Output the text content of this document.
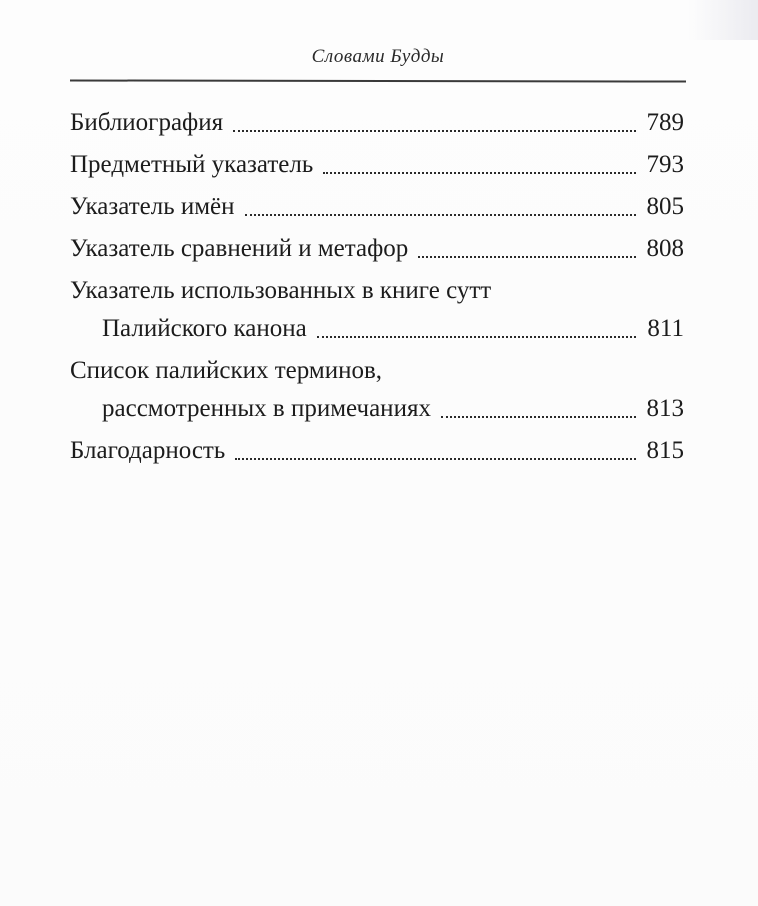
Словами Будды
Библиография	789
Предметный указатель	793
Указатель имён	805
Указатель сравнений и метафор	808
Указатель использованных в книге сутт
Палийского канона	811
Список палийских терминов,
рассмотренных в примечаниях	813
Благодарность	815
